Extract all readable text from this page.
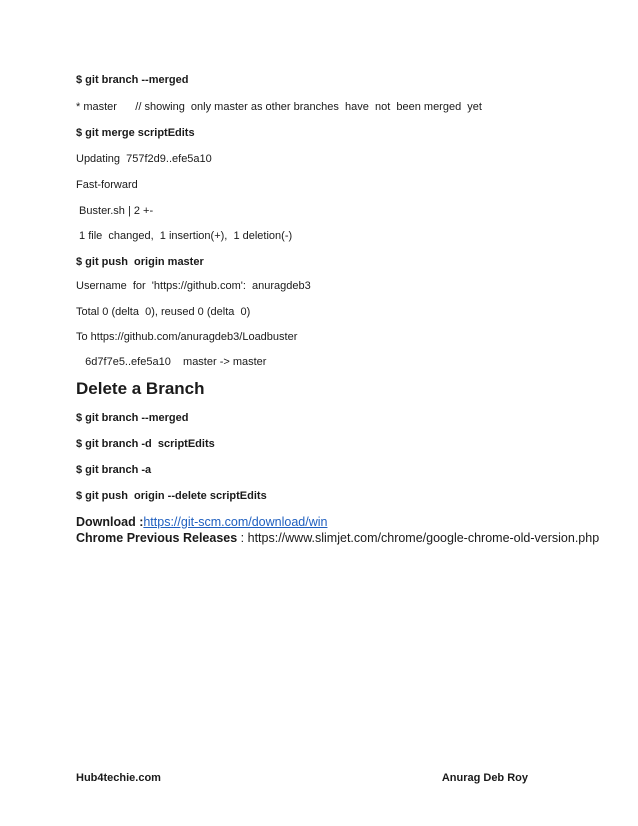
$ git branch --merged
* master      // showing  only master as other branches  have  not  been merged  yet
$ git merge scriptEdits
Updating  757f2d9..efe5a10
Fast-forward
Buster.sh | 2 +-
1 file  changed,  1 insertion(+),  1 deletion(-)
$ git push  origin master
Username  for  'https://github.com':  anuragdeb3
Total 0 (delta  0), reused 0 (delta  0)
To https://github.com/anuragdeb3/Loadbuster
6d7f7e5..efe5a10    master -> master
Delete a Branch
$ git branch --merged
$ git branch -d  scriptEdits
$ git branch -a
$ git push  origin --delete scriptEdits
Download :https://git-scm.com/download/win
Chrome Previous Releases : https://www.slimjet.com/chrome/google-chrome-old-version.php
Hub4techie.com	Anurag Deb Roy
